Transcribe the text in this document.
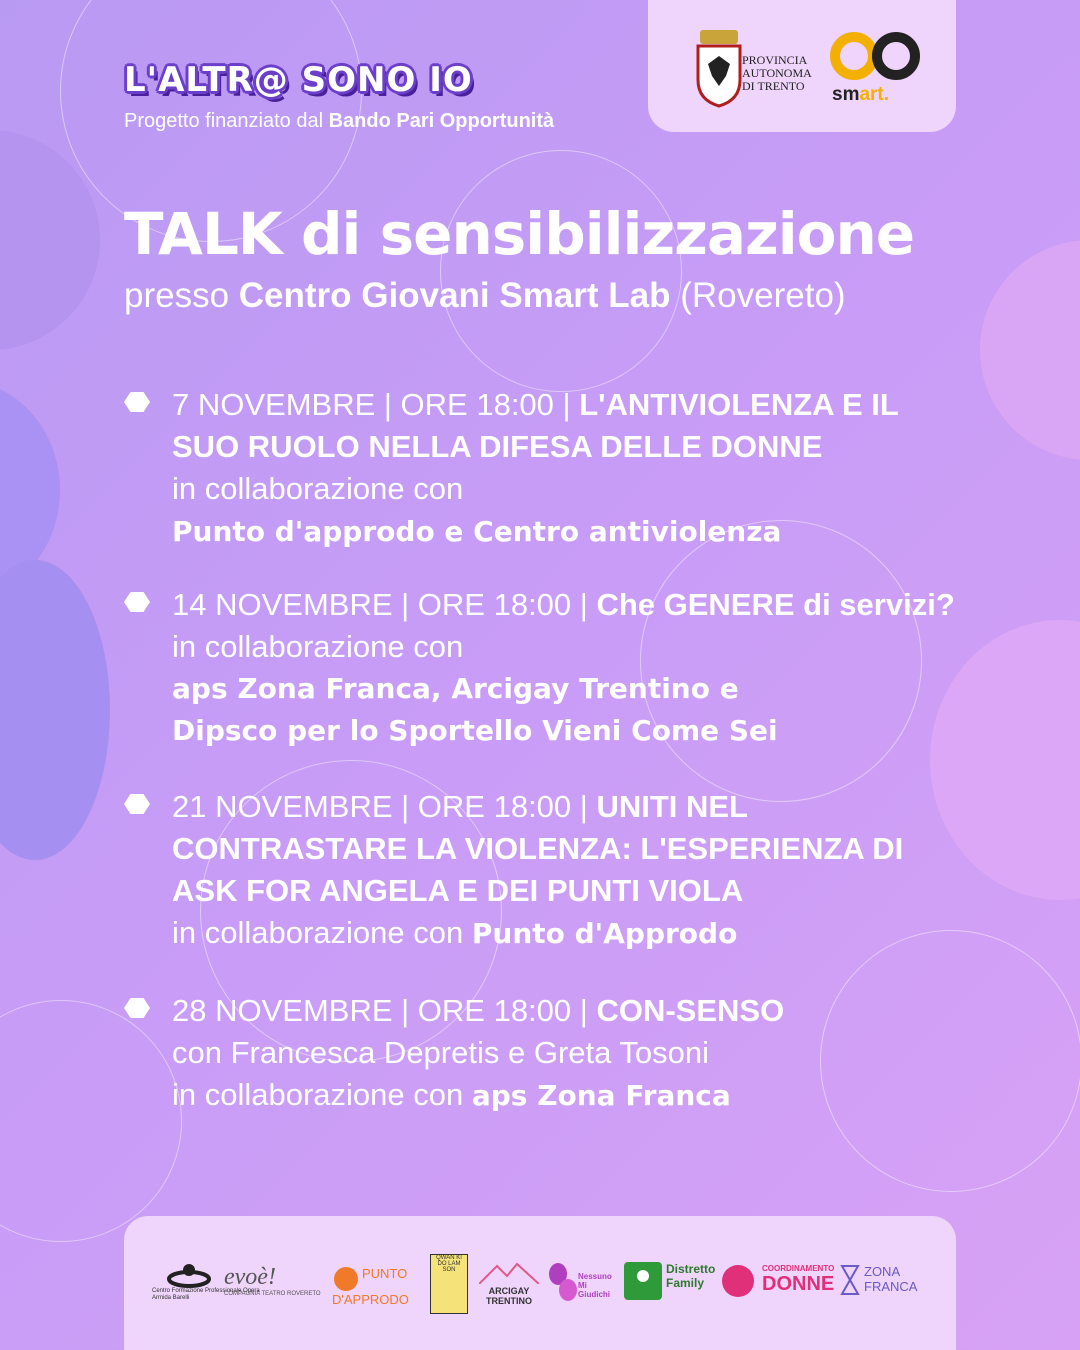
L'ALTR@ SONO IO
Progetto finanziato dal Bando Pari Opportunità
PROVINCIA AUTONOMA DI TRENTO	smart.
TALK di sensibilizzazione
presso Centro Giovani Smart Lab (Rovereto)
7 NOVEMBRE | ORE 18:00 | L'ANTIVIOLENZA E IL SUO RUOLO NELLA DIFESA DELLE DONNE
in collaborazione con
Punto d'approdo e Centro antiviolenza
14 NOVEMBRE | ORE 18:00 | Che GENERE di servizi?
in collaborazione con
aps Zona Franca, Arcigay Trentino e Dipsco per lo Sportello Vieni Come Sei
21 NOVEMBRE | ORE 18:00 | UNITI NEL CONTRASTARE LA VIOLENZA: L'ESPERIENZA DI ASK FOR ANGELA E DEI PUNTI VIOLA
in collaborazione con Punto d'Approdo
28 NOVEMBRE | ORE 18:00 | CON-SENSO
con Francesca Depretis e Greta Tosoni
in collaborazione con aps Zona Franca
Centro Formazione Professionale Opera Armida Barelli
evoè!
COMPAGNIA TEATRO ROVERETO
PUNTO D'APPRODO
QWAN KI DO LAM SON
ARCIGAY TRENTINO
Nessuno Mi Giudichi
Distretto Family
COORDINAMENTO
DONNE
ZONA
FRANCA
